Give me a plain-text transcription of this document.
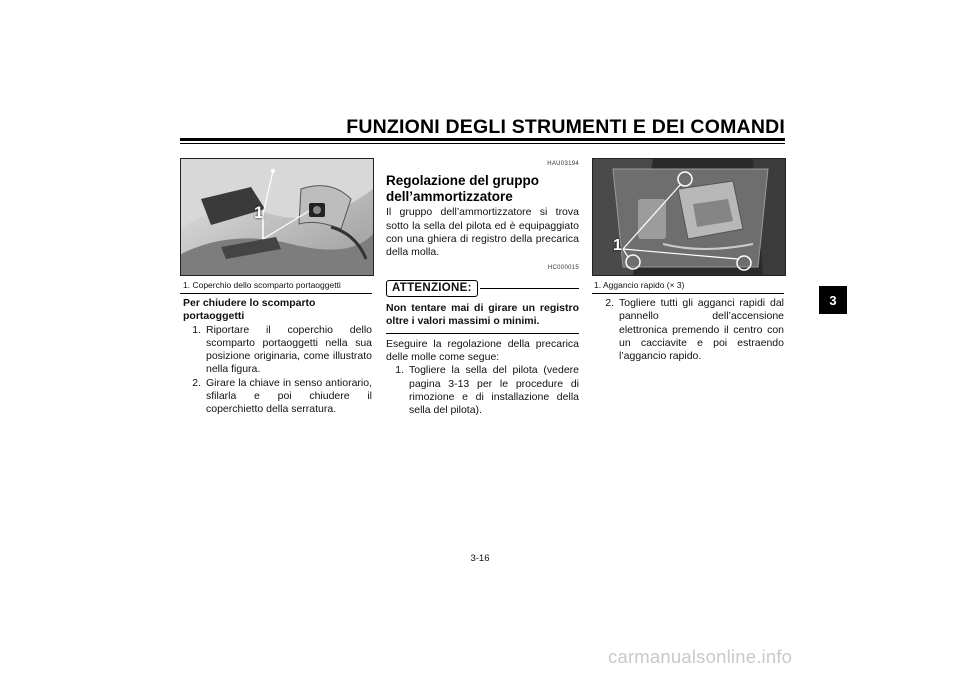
FUNZIONI DEGLI STRUMENTI E DEI COMANDI
3
1
1. Coperchio dello scomparto portaoggetti
Per chiudere lo scomparto portaoggetti
1. Riportare il coperchio dello scomparto portaoggetti nella sua posizione originaria, come illustrato nella figura.
2. Girare la chiave in senso antiorario, sfilarla e poi chiudere il coperchietto della serratura.
HAU03194
Regolazione del gruppo dell’ammortizzatore
Il gruppo dell’ammortizzatore si trova sotto la sella del pilota ed è equipaggiato con una ghiera di registro della precarica della molla.
HC000015
ATTENZIONE:
Non tentare mai di girare un registro oltre i valori massimi o minimi.
Eseguire la regolazione della precarica delle molle come segue:
1. Togliere la sella del pilota (vedere pagina 3-13 per le procedure di rimozione e di installazione della sella del pilota).
1
1. Aggancio rapido (× 3)
2. Togliere tutti gli agganci rapidi dal pannello dell’accensione elettronica premendo il centro con un cacciavite e poi estraendo l’aggancio rapido.
3-16
carmanualsonline.info
